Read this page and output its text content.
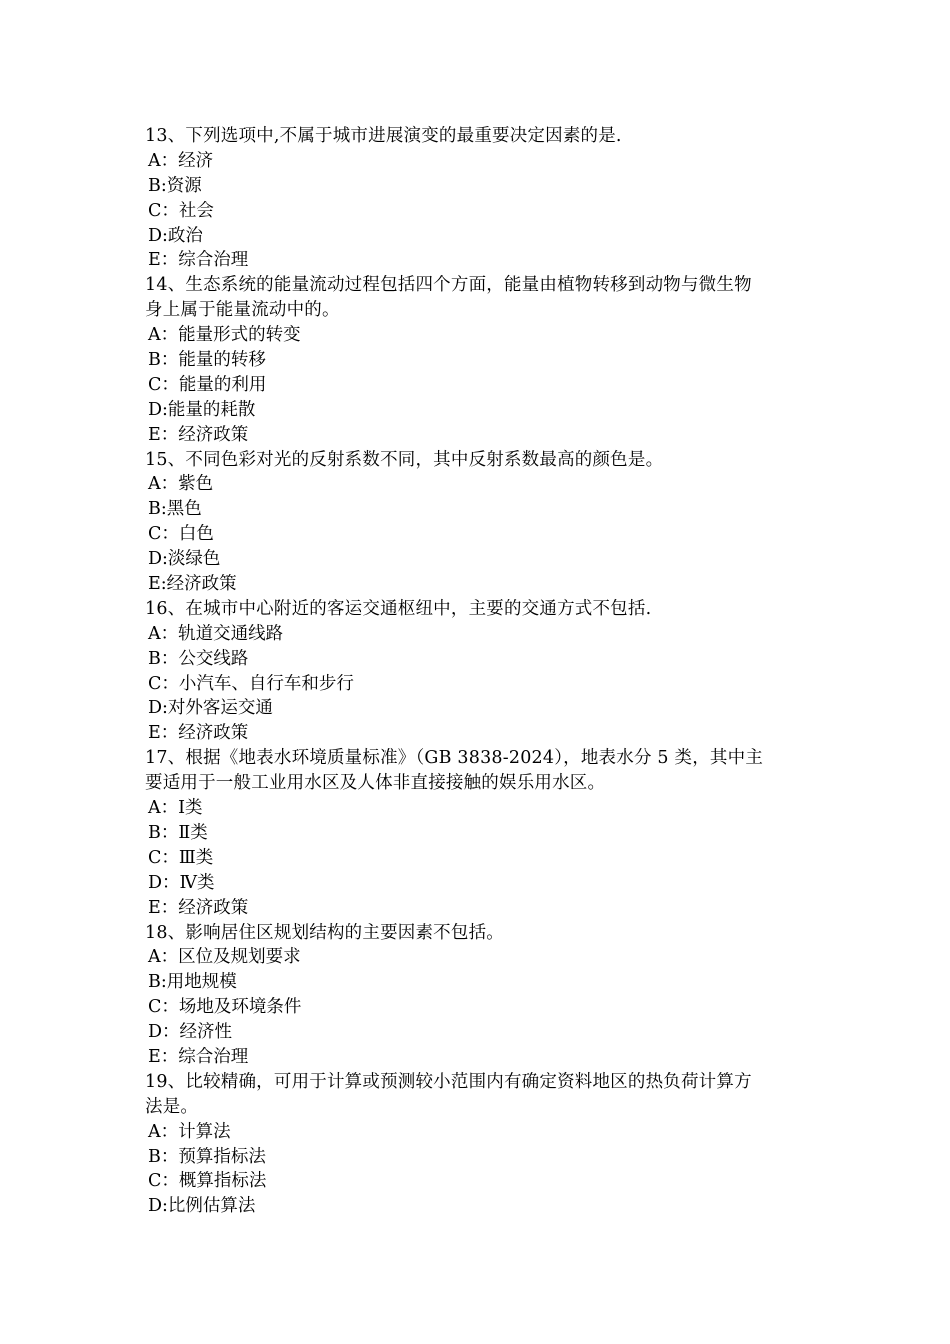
13、下列选项中,不属于城市进展演变的最重要决定因素的是.
A：经济
B:资源
C：社会
D:政治
E：综合治理
14、生态系统的能量流动过程包括四个方面，能量由植物转移到动物与微生物
身上属于能量流动中的。
A：能量形式的转变
B：能量的转移
C：能量的利用
D:能量的耗散
E：经济政策
15、不同色彩对光的反射系数不同，其中反射系数最高的颜色是。
A：紫色
B:黑色
C：白色
D:淡绿色
E:经济政策
16、在城市中心附近的客运交通枢纽中，主要的交通方式不包括.
A：轨道交通线路
B：公交线路
C：小汽车、自行车和步行
D:对外客运交通
E：经济政策
17、根据《地表水环境质量标准》（GB 3838-2024），地表水分 5 类，其中主
要适用于一般工业用水区及人体非直接接触的娱乐用水区。
A：Ⅰ类
B：Ⅱ类
C：Ⅲ类
D：Ⅳ类
E：经济政策
18、影响居住区规划结构的主要因素不包括。
A：区位及规划要求
B:用地规模
C：场地及环境条件
D：经济性
E：综合治理
19、比较精确，可用于计算或预测较小范围内有确定资料地区的热负荷计算方
法是。
A：计算法
B：预算指标法
C：概算指标法
D:比例估算法
